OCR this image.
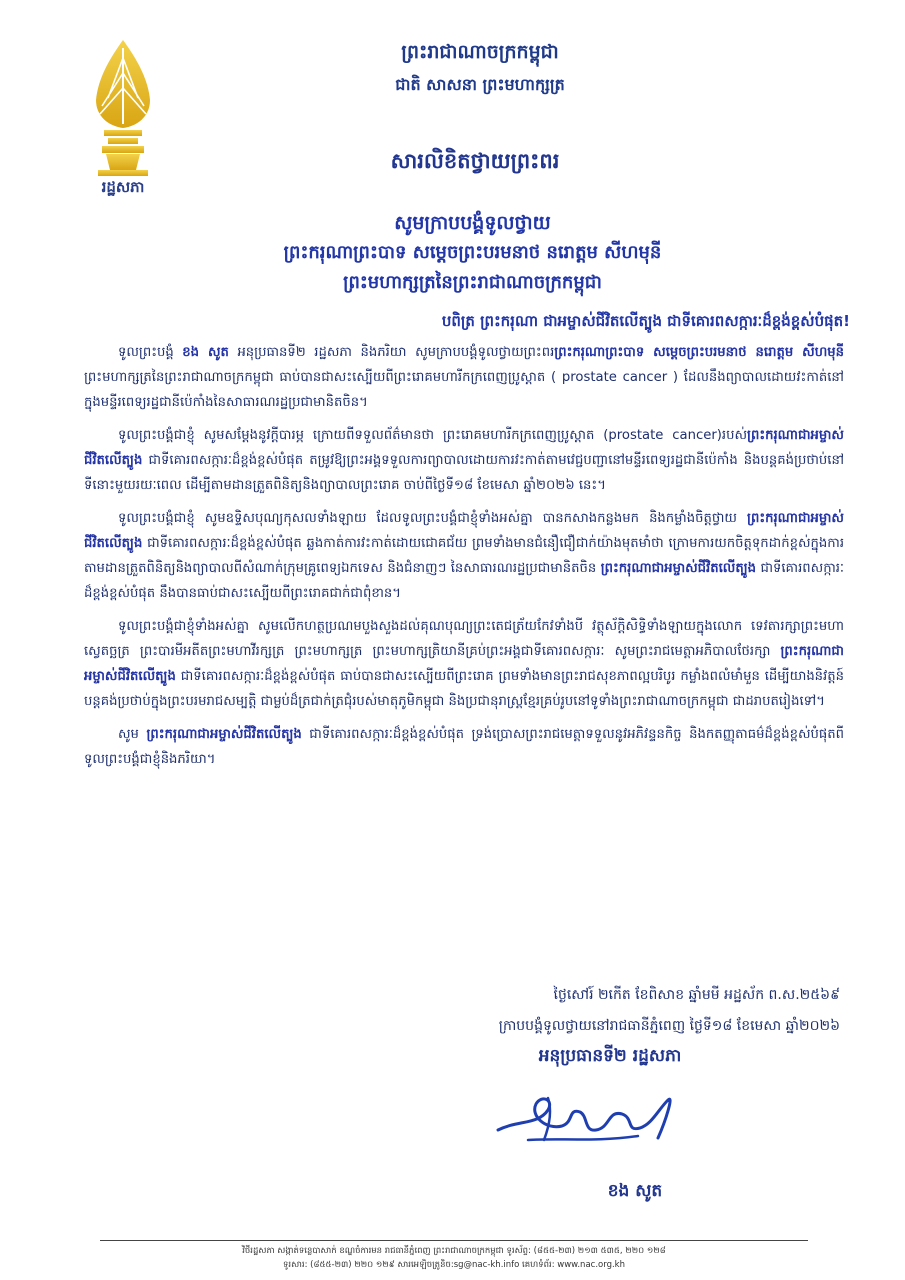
រដ្ឋសភា
ព្រះរាជាណាចក្រកម្ពុជា
ជាតិ សាសនា ព្រះមហាក្សត្រ
សារលិខិតថ្វាយព្រះពរ
សូមក្រាបបង្គំទូលថ្វាយ
ព្រះករុណាព្រះបាទ សម្តេចព្រះបរមនាថ នរោត្តម សីហមុនី
ព្រះមហាក្សត្រនៃព្រះរាជាណាចក្រកម្ពុជា
បពិត្រ ព្រះករុណា ជាអម្ចាស់ជីវិតលើត្បូង ជាទីគោរពសក្ការៈដ៏ខ្ពង់ខ្ពស់បំផុត!

ទូលព្រះបង្គំ ខង សូត អនុប្រធានទី២ រដ្ឋសភា និងភរិយា សូមក្រាបបង្គំទូលថ្វាយព្រះពរព្រះករុណាព្រះបាទ សម្តេចព្រះបរមនាថ នរោត្តម សីហមុនី ព្រះមហាក្សត្រនៃព្រះរាជាណាចក្រកម្ពុជា ធាប់បានជាសះស្បើយពីព្រះរោគមហារីកក្រពេញប្រូស្តាត ( prostate cancer ) ដែលនឹងព្យាបាលដោយវះកាត់នៅក្នុងមន្ទីរពេទ្យរដ្ឋជានីប៉េកាំងនៃសាធារណរដ្ឋប្រជាមានិតចិន។

ទូលព្រះបង្គំជាខ្ញុំ សូមសម្តែងនូវក្តីបារម្ភ ក្រោយពីទទួលព័ត៌មានថា ព្រះរោគមហារីកក្រពេញប្រូស្តាត (prostate cancer)របស់ព្រះករុណាជាអម្ចាស់ជីវិតលើត្បូង ជាទីគោរពសក្ការៈដ៏ខ្ពង់ខ្ពស់បំផុត តម្រូវឱ្យព្រះអង្គទទួលការព្យាបាលដោយការវះកាត់តាមវេជ្ជបញ្ជានៅមន្ទីរពេទ្យរដ្ឋជានីប៉េកាំង និងបន្តគង់ប្រថាប់នៅទីនោះមួយរយៈពេល ដើម្បីតាមដានត្រួតពិនិត្យនិងព្យាបាលព្រះរោគ ចាប់ពីថ្ងៃទី១៨ ខែមេសា ឆ្នាំ២០២៦ នេះ។

ទូលព្រះបង្គំជាខ្ញុំ សូមឧទ្ទិសបុណ្យកុសលទាំងឡាយ ដែលទូលព្រះបង្គំជាខ្ញុំទាំងអស់គ្នា បានកសាងកន្លងមក និងកម្លាំងចិត្តថ្វាយ ព្រះករុណាជាអម្ចាស់ជីវិតលើត្បូង ជាទីគោរពសក្ការៈដ៏ខ្ពង់ខ្ពស់បំផុត ឆ្លងកាត់ការវះកាត់ដោយជោគជ័យ ព្រមទាំងមានជំនឿជឿជាក់យ៉ាងមុតមាំថា ក្រោមការយកចិត្តទុកដាក់ខ្ពស់ក្នុងការតាមដានត្រួតពិនិត្យនិងព្យាបាលពីសំណាក់ក្រុមគ្រូពេទ្យឯកទេស និងជំនាញៗ នៃសាធារណរដ្ឋប្រជាមានិតចិន ព្រះករុណាជាអម្ចាស់ជីវិតលើត្បូង ជាទីគោរពសក្ការៈដ៏ខ្ពង់ខ្ពស់បំផុត នឹងបានធាប់ជាសះស្បើយពីព្រះរោគជាក់ជាពុំខាន។

ទូលព្រះបង្គំជាខ្ញុំទាំងអស់គ្នា សូមលើកហត្ថប្រណមបួងសួងដល់គុណបុណ្យព្រះតេជត្រ័យកែវទាំងបី វត្ថុស័ក្តិសិទ្ធិទាំងឡាយក្នុងលោក ទេវតារក្សាព្រះមហាស្វេតច្ឆត្រ ព្រះបារមីអតីតព្រះមហាវីរក្សត្រ ព្រះមហាក្សត្រ ព្រះមហាក្សត្រិយានីគ្រប់ព្រះអង្គជាទីគោរពសក្ការៈ សូមព្រះរាជមេត្តាអភិបាលថែរក្សា ព្រះករុណាជាអម្ចាស់ជីវិតលើត្បូង ជាទីគោរពសក្ការៈដ៏ខ្ពង់ខ្ពស់បំផុត ធាប់បានជាសះស្បើយពីព្រះរោគ ព្រមទាំងមានព្រះរាជសុខភាពល្អបរិបូរ កម្លាំងពលំមាំមួន ដើម្បីយាងនិវត្តន៍បន្តគង់ប្រថាប់ក្នុងព្រះបរមរាជសម្បត្តិ ជាម្លប់ដ៏ត្រជាក់ត្រជុំរបស់មាតុភូមិកម្ពុជា និងប្រជានុរាស្ត្រខ្មែរគ្រប់រូបនៅទូទាំងព្រះរាជាណាចក្រកម្ពុជា ជាដរាបតរៀងទៅ។

សូម ព្រះករុណាជាអម្ចាស់ជីវិតលើត្បូង ជាទីគោរពសក្ការៈដ៏ខ្ពង់ខ្ពស់បំផុត ទ្រង់ប្រោសព្រះរាជមេត្តាទទួលនូវអភិវន្ទនកិច្ច និងកតញ្ញុតាធម៌ដ៏ខ្ពង់ខ្ពស់បំផុតពីទូលព្រះបង្គំជាខ្ញុំនិងភរិយា។

ថ្ងៃសៅរ៍ ២កើត ខែពិសាខ ឆ្នាំមមី អដ្ឋស័ក ព.ស.២៥៦៩
ក្រាបបង្គំទូលថ្វាយនៅរាជធានីភ្នំពេញ ថ្ងៃទី១៨ ខែមេសា ឆ្នាំ២០២៦
អនុប្រធានទី២ រដ្ឋសភា
ខង សូត
វិថីរដ្ឋសភា សង្កាត់ទន្លេបាសាក់ ខណ្ឌចំការមន រាជធានីភ្នំពេញ ព្រះរាជាណាចក្រកម្ពុជា ទូរស័ព្ទ: (៨៥៥-២៣) ២១៣ ៥៣៥, ២២០ ១២៨
ទូរសារ: (៨៥៥-២៣) ២២០ ១២៩ សារអេឡិចត្រូនិច:sg@nac-kh.info គេហទំព័រ: www.nac.org.kh
